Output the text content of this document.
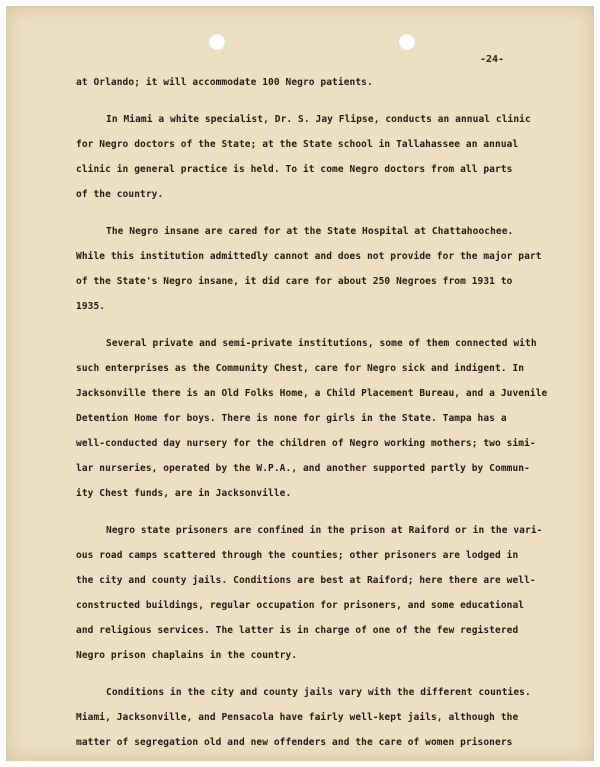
-24-
at Orlando; it will accommodate 100 Negro patients.
In Miami a white specialist, Dr. S. Jay Flipse, conducts an annual clinic
for Negro doctors of the State; at the State school in Tallahassee an annual
clinic in general practice is held. To it come Negro doctors from all parts
of the country.
The Negro insane are cared for at the State Hospital at Chattahoochee.
While this institution admittedly cannot and does not provide for the major part
of the State's Negro insane, it did care for about 250 Negroes from 1931 to
1935.
Several private and semi-private institutions, some of them connected with
such enterprises as the Community Chest, care for Negro sick and indigent. In
Jacksonville there is an Old Folks Home, a Child Placement Bureau, and a Juvenile
Detention Home for boys. There is none for girls in the State. Tampa has a
well-conducted day nursery for the children of Negro working mothers; two simi-
lar nurseries, operated by the W.P.A., and another supported partly by Commun-
ity Chest funds, are in Jacksonville.
Negro state prisoners are confined in the prison at Raiford or in the vari-
ous road camps scattered through the counties; other prisoners are lodged in
the city and county jails. Conditions are best at Raiford; here there are well-
constructed buildings, regular occupation for prisoners, and some educational
and religious services. The latter is in charge of one of the few registered
Negro prison chaplains in the country.
Conditions in the city and county jails vary with the different counties.
Miami, Jacksonville, and Pensacola have fairly well-kept jails, although the
matter of segregation old and new offenders and the care of women prisoners
